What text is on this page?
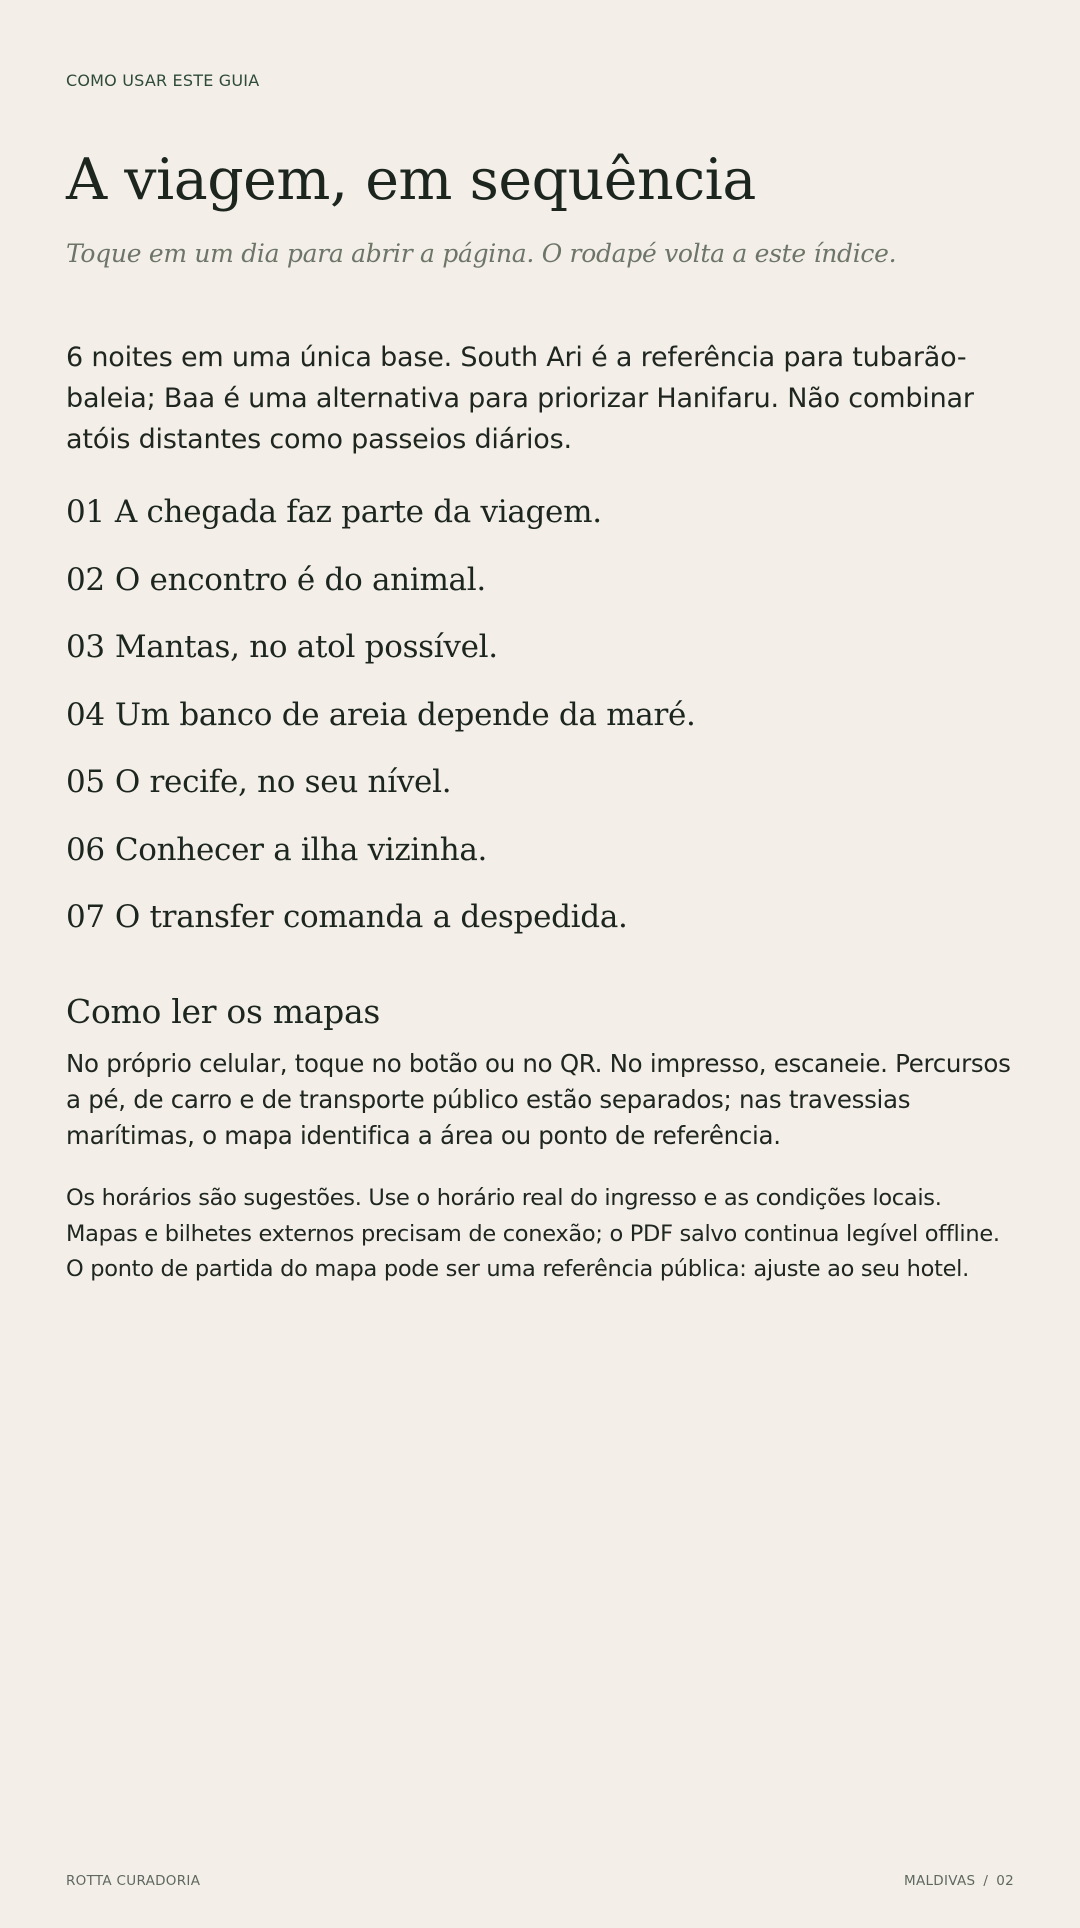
COMO USAR ESTE GUIA
A viagem, em sequência
Toque em um dia para abrir a página. O rodapé volta a este índice.

6 noites em uma única base. South Ari é a referência para tubarão-baleia; Baa é uma alternativa para priorizar Hanifaru. Não combinar atóis distantes como passeios diários.

01 A chegada faz parte da viagem.
02 O encontro é do animal.
03 Mantas, no atol possível.
04 Um banco de areia depende da maré.
05 O recife, no seu nível.
06 Conhecer a ilha vizinha.
07 O transfer comanda a despedida.
Como ler os mapas

No próprio celular, toque no botão ou no QR. No impresso, escaneie. Percursos a pé, de carro e de transporte público estão separados; nas travessias marítimas, o mapa identifica a área ou ponto de referência.

Os horários são sugestões. Use o horário real do ingresso e as condições locais. Mapas e bilhetes externos precisam de conexão; o PDF salvo continua legível offline. O ponto de partida do mapa pode ser uma referência pública: ajuste ao seu hotel.

ROTTA CURADORIA	MALDIVAS / 02
